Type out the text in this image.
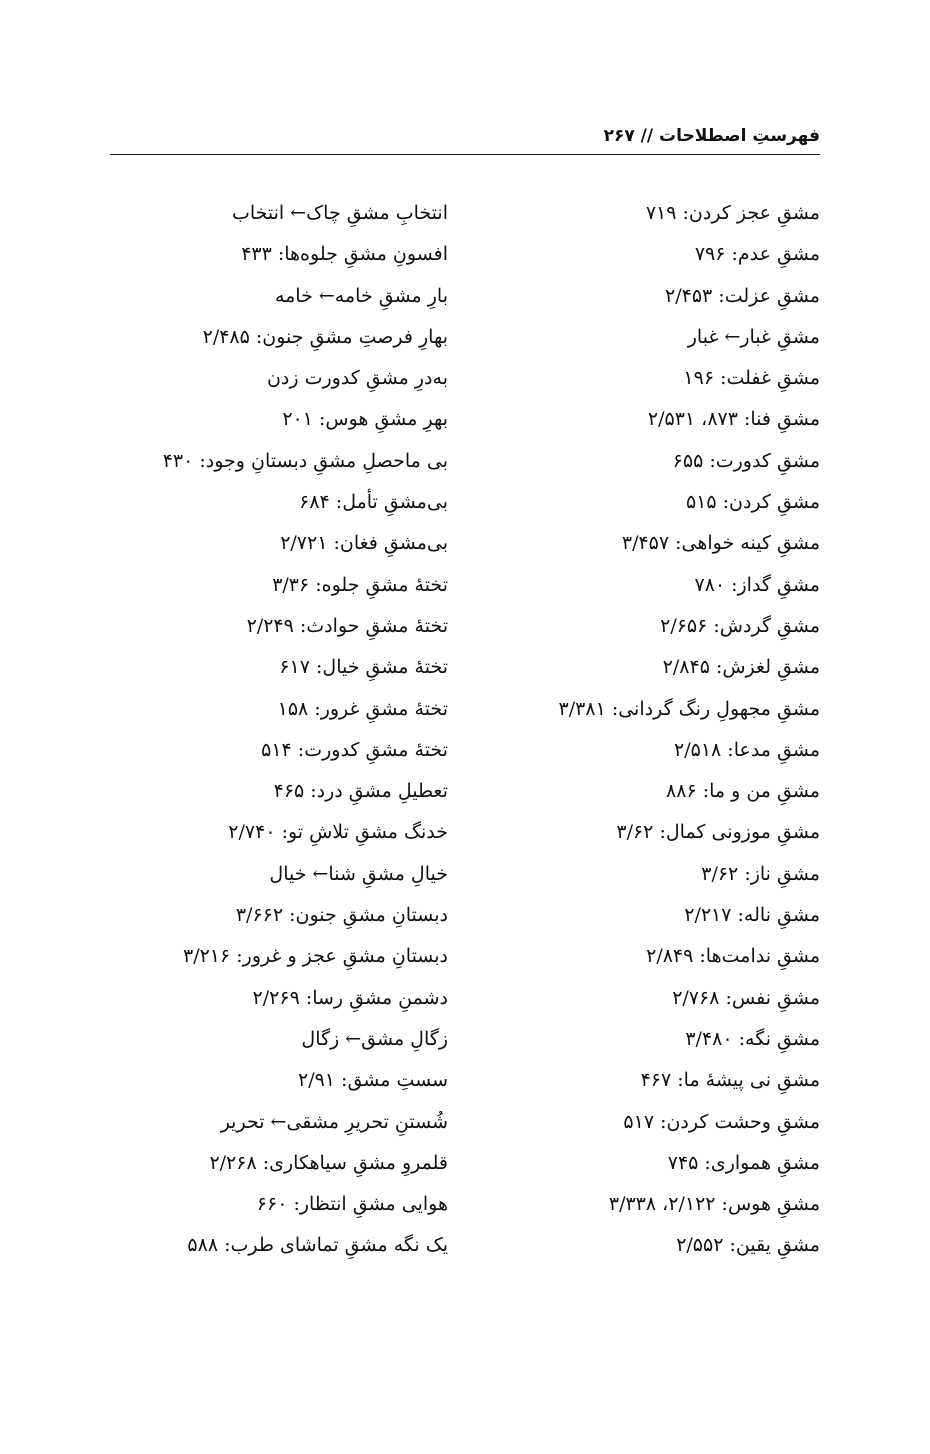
فهرستِ اصطلاحات // ۲۶۷
مشقِ عجز کردن: ۷۱۹
مشقِ عدم: ۷۹۶
مشقِ عزلت: ۲/۴۵۳
مشقِ غبار← غبار
مشقِ غفلت: ۱۹۶
مشقِ فنا: ۸۷۳، ۲/۵۳۱
مشقِ کدورت: ۶۵۵
مشقِ کردن: ۵۱۵
مشقِ کینه خواهی: ۳/۴۵۷
مشقِ گداز: ۷۸۰
مشقِ گردش: ۲/۶۵۶
مشقِ لغزش: ۲/۸۴۵
مشقِ مجهولِ رنگ گردانی: ۳/۳۸۱
مشقِ مدعا: ۲/۵۱۸
مشقِ من و ما: ۸۸۶
مشقِ موزونی کمال: ۳/۶۲
مشقِ ناز: ۳/۶۲
مشقِ ناله: ۲/۲۱۷
مشقِ ندامت‌ها: ۲/۸۴۹
مشقِ نفس: ۲/۷۶۸
مشقِ نگه: ۳/۴۸۰
مشقِ نی پیشهٔ ما: ۴۶۷
مشقِ وحشت کردن: ۵۱۷
مشقِ همواری: ۷۴۵
مشقِ هوس: ۲/۱۲۲، ۳/۳۳۸
مشقِ یقین: ۲/۵۵۲
انتخابِ مشقِ چاک← انتخاب
افسونِ مشقِ جلوه‌ها: ۴۳۳
بارِ مشقِ خامه← خامه
بهارِ فرصتِ مشقِ جنون: ۲/۴۸۵
به‌درِ مشقِ کدورت زدن
بهرِ مشقِ هوس: ۲۰۱
بی ماحصلِ مشقِ دبستانِ وجود: ۴۳۰
بی‌مشقِ تأمل: ۶۸۴
بی‌مشقِ فغان: ۲/۷۲۱
تختهٔ مشقِ جلوه: ۳/۳۶
تختهٔ مشقِ حوادث: ۲/۲۴۹
تختهٔ مشقِ خیال: ۶۱۷
تختهٔ مشقِ غرور: ۱۵۸
تختهٔ مشقِ کدورت: ۵۱۴
تعطیلِ مشقِ درد: ۴۶۵
خدنگ مشقِ تلاشِ تو: ۲/۷۴۰
خیالِ مشقِ شنا← خیال
دبستانِ مشقِ جنون: ۳/۶۶۲
دبستانِ مشقِ عجز و غرور: ۳/۲۱۶
دشمنِ مشقِ رسا: ۲/۲۶۹
زگالِ مشق← زگال
سستِ مشق: ۲/۹۱
شُستنِ تحریرِ مشقی← تحریر
قلمروِ مشقِ سیاهکاری: ۲/۲۶۸
هوایی مشقِ انتظار: ۶۶۰
یک نگه مشقِ تماشای طرب: ۵۸۸
